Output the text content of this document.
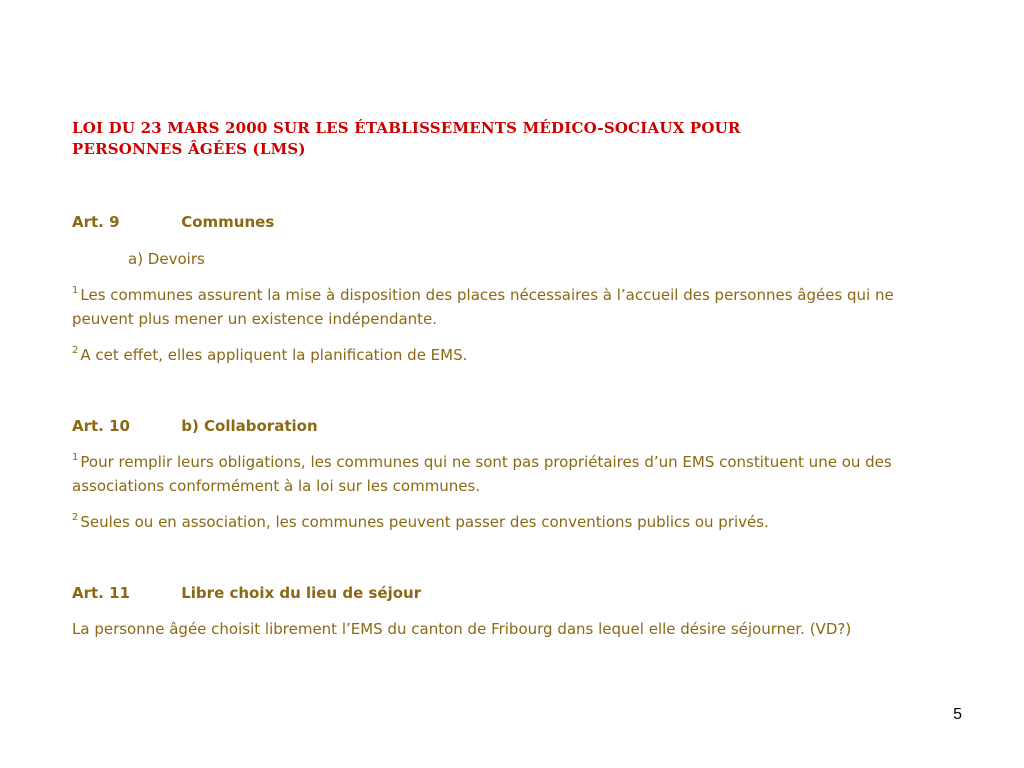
LOI DU 23 MARS 2000 SUR LES ÉTABLISSEMENTS MÉDICO-SOCIAUX POUR
PERSONNES ÂGÉES (LMS)
Art. 9	Communes

a) Devoirs

$^1$ Les communes assurent la mise à disposition des places nécessaires à l’accueil des personnes âgées qui ne peuvent plus mener un existence indépendante.

$^2$ A cet effet, elles appliquent la planification de EMS.

Art. 10	b) Collaboration

$^1$ Pour remplir leurs obligations, les communes qui ne sont pas propriétaires d’un EMS constituent une ou des associations conformément à la loi sur les communes.

$^2$ Seules ou en association, les communes peuvent passer des conventions publics ou privés.

Art. 11	Libre choix du lieu de séjour

La personne âgée choisit librement l’EMS du canton de Fribourg dans lequel elle désire séjourner. (VD?)

5
